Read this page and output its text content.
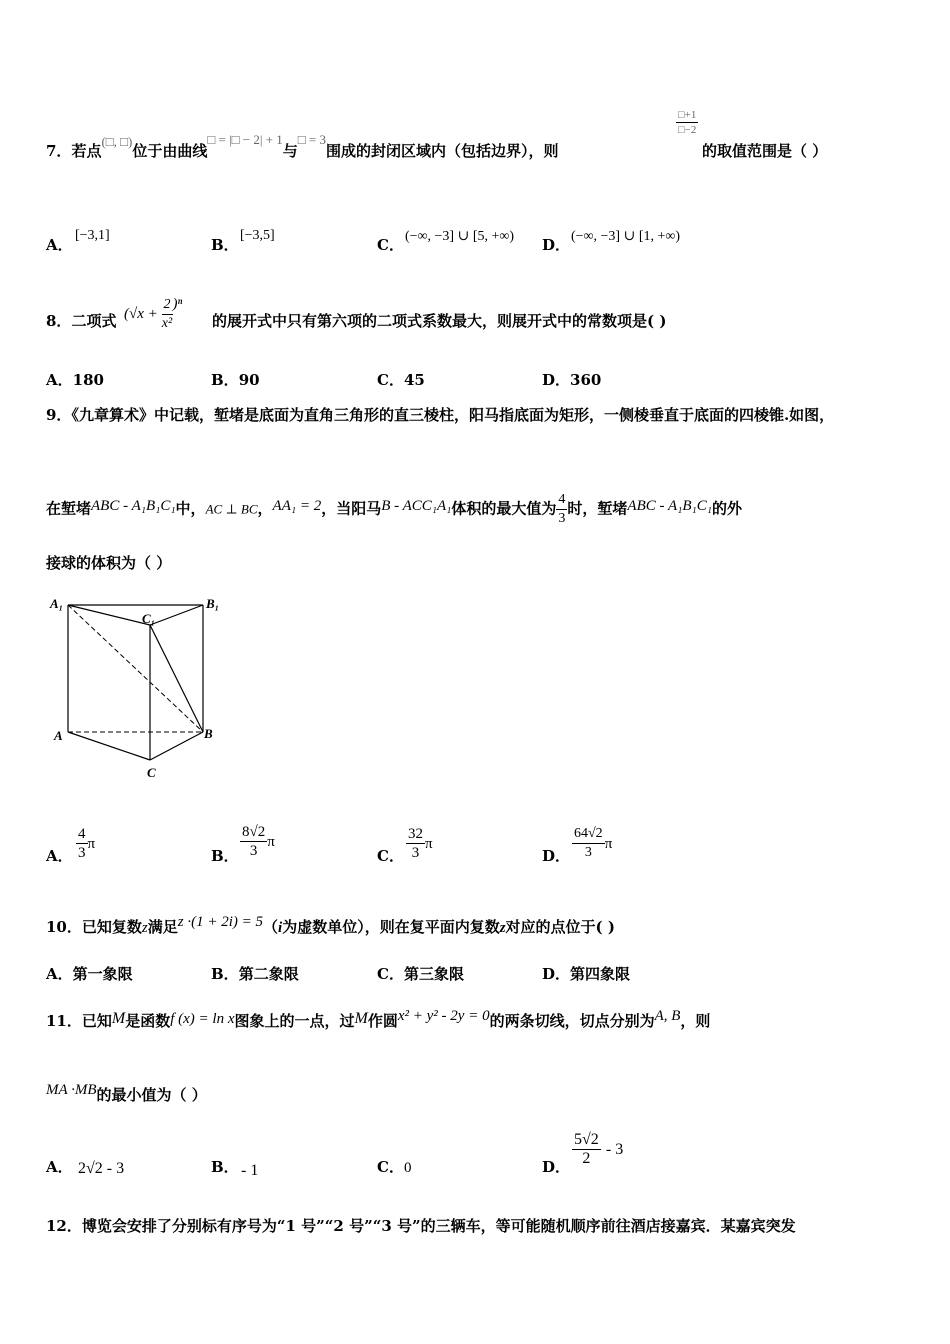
7．若点(□, □)位于由曲线□ = |□ − 2| + 1与□ = 3围成的封闭区域内（包括边界），则
$\frac{□+1}{□-2}$
的取值范围是（ ）
A．
[−3,1]
B．
[−3,5]
C． (−∞, −3] ∪ [5, +∞) D． (−∞, −3] ∪ [1, +∞)
8．二项式 $(√x + \frac{2}{\text{x²}} )^n$
的展开式中只有第六项的二项式系数最大，则展开式中的常数项是( )
A．180	B．90	C．45	D．360
9．《九章算术》中记载，堑堵是底面为直角三角形的直三棱柱，阳马指底面为矩形，一侧棱垂直于底面的四棱锥.如图，
在堑堵ABC - A₁B₁C₁中，AC ⊥ BC，AA₁ = 2，当阳马B - ACC₁A₁体积的最大值为 $\frac{4}{3}$ 时，堑堵ABC - A₁B₁C₁的外
接球的体积为（ ）
A₁	B₁
C₁
A	B
C
A． $\frac{4}{3}$ π
B． $\frac{8√2}{3}$ π
C． $\frac{32}{3}$ π
D． $\frac{64√2}{3}$ π
10．已知复数z满足z ·(1 + 2i) = 5（i为虚数单位），则在复平面内复数z对应的点位于( )
A．第一象限	B．第二象限	C．第三象限	D．第四象限
11．已知M是函数f (x) = ln x图象上的一点，过M作圆x² + y² - 2y = 0的两条切线，切点分别为A, B，则
MA ·MB的最小值为（ ）
A． 2√2 - 3	B． - 1	C．0	D． $\frac{5√2}{2} - 3$
12．博览会安排了分别标有序号为“1 号”“2 号”“3 号”的三辆车，等可能随机顺序前往酒店接嘉宾．某嘉宾突发
